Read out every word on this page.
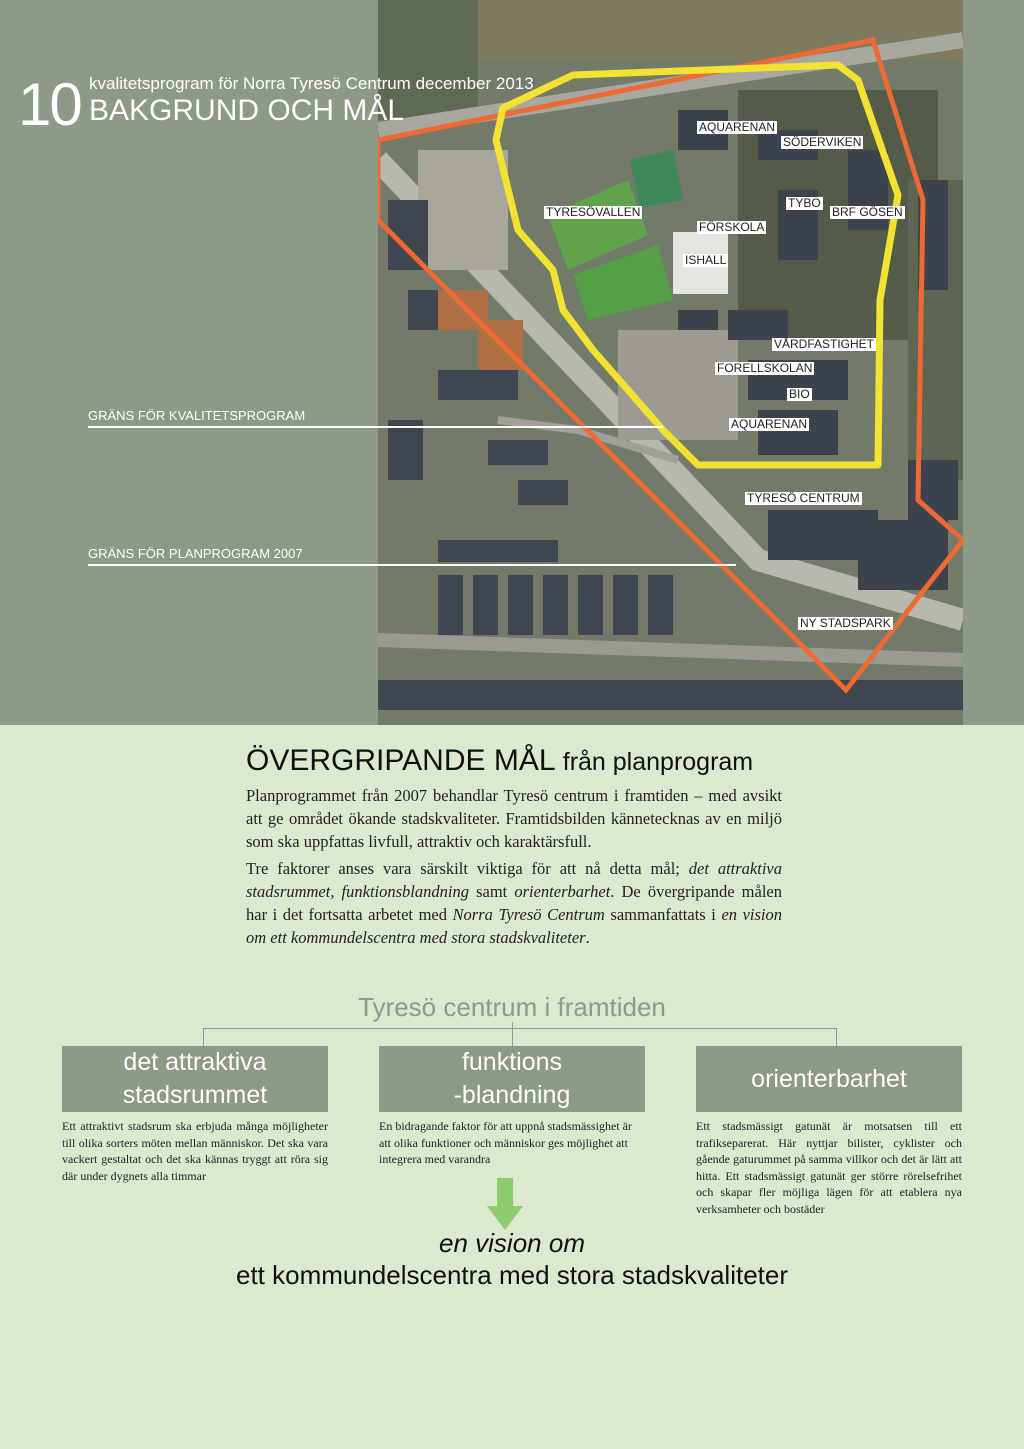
AQUARENAN
SÖDERVIKEN
TYBO
BRF GÖSEN
TYRESÖVALLEN
FÖRSKOLA
ISHALL
VÅRDFASTIGHET
FORELLSKOLAN
BIO
AQUARENAN
TYRESÖ CENTRUM
NY STADSPARK
10 kvalitetsprogram för Norra Tyresö Centrum december 2013
BAKGRUND OCH MÅL
GRÄNS FÖR KVALITETSPROGRAM
GRÄNS FÖR PLANPROGRAM 2007
ÖVERGRIPANDE MÅL från planprogram

Planprogrammet från 2007 behandlar Tyresö centrum i framtiden – med avsikt att ge området ökande stadskvaliteter. Framtidsbilden kännetecknas av en miljö som ska uppfattas livfull, attraktiv och karaktärsfull.

Tre faktorer anses vara särskilt viktiga för att nå detta mål; det attraktiva stadsrummet, funktionsblandning samt orienterbarhet. De övergripande målen har i det fortsatta arbetet med Norra Tyresö Centrum sammanfattats i en vision om ett kommundelscentra med stora stadskvaliteter.

Tyresö centrum i framtiden
det attraktiva
stadsrummet
funktions
-blandning
orienterbarhet

Ett attraktivt stadsrum ska erbjuda många möjligheter till olika sorters möten mellan människor. Det ska vara vackert gestaltat och det ska kännas tryggt att röra sig där under dygnets alla timmar

En bidragande faktor för att uppnå stadsmässighet är att olika funktioner och människor ges möjlighet att integrera med varandra

Ett stadsmässigt gatunät är motsatsen till ett trafikseparerat. Här nyttjar bilister, cyklister och gående gaturummet på samma villkor och det är lätt att hitta. Ett stadsmässigt gatunät ger större rörelsefrihet och skapar fler möjliga lägen för att etablera nya verksamheter och bostäder

en vision om
ett kommundelscentra med stora stadskvaliteter
